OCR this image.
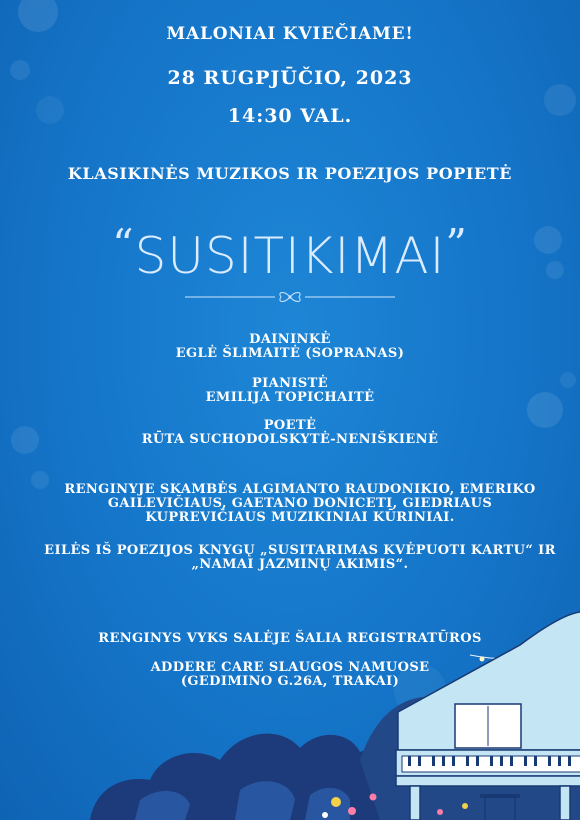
MALONIAI KVIEČIAME!

28 RUGPJŪČIO, 2023

14:30 VAL.

KLASIKINĖS MUZIKOS IR POEZIJOS POPIETĖ

“SUSITIKIMAI”

DAININKĖ

EGLĖ ŠLIMAITĖ (SOPRANAS)

PIANISTĖ

EMILIJA TOPICHAITĖ

POETĖ

RŪTA SUCHODOLSKYTĖ-NENIŠKIENĖ

RENGINYJE SKAMBĖS ALGIMANTO RAUDONIKIO, EMERIKO
GAILEVIČIAUS, GAETANO DONICETI, GIEDRIAUS
KUPREVIČIAUS MUZIKINIAI KŪRINIAI.
EILĖS IŠ POEZIJOS KNYGŲ „SUSITARIMAS KVĖPUOTI KARTU“ IR
„NAMAI JAZMINŲ AKIMIS“.

RENGINYS VYKS SALĖJE ŠALIA REGISTRATŪROS

ADDERE CARE SLAUGOS NAMUOSE

(GEDIMINO G.26A, TRAKAI)
